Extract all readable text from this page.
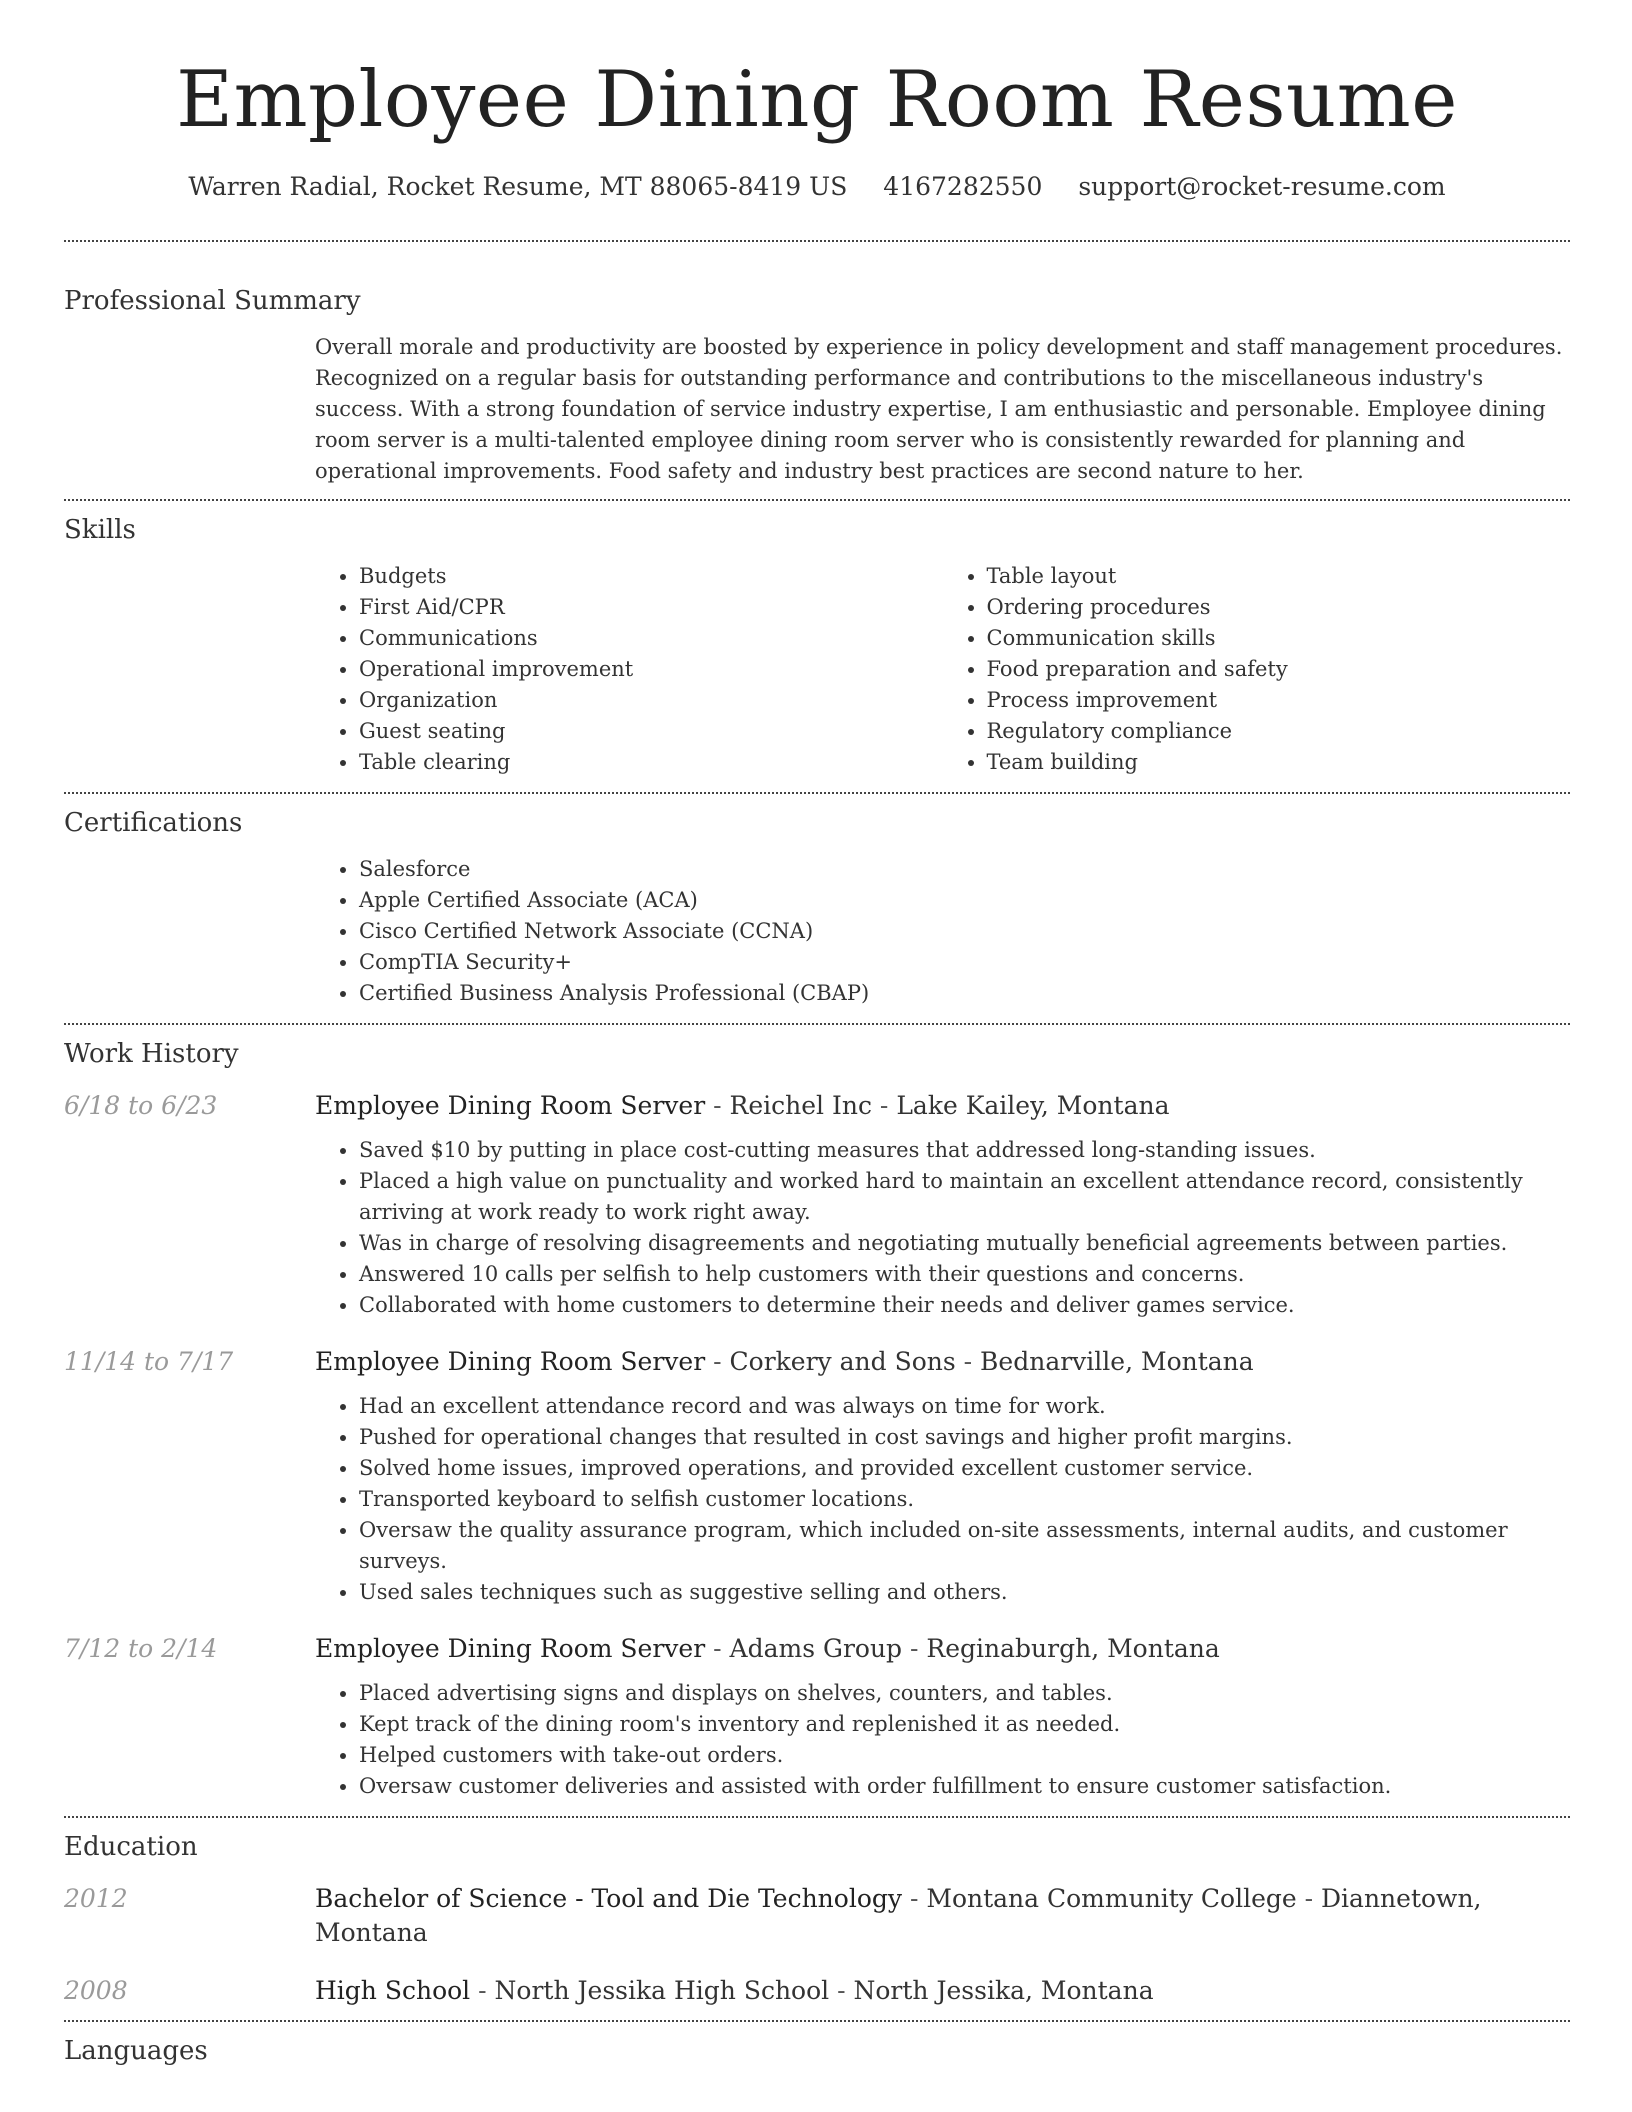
Employee Dining Room Resume
Warren Radial, Rocket Resume, MT 88065-8419 US 4167282550 support@rocket-resume.com
Professional Summary

Overall morale and productivity are boosted by experience in policy development and staff management procedures. Recognized on a regular basis for outstanding performance and contributions to the miscellaneous industry's success. With a strong foundation of service industry expertise, I am enthusiastic and personable. Employee dining room server is a multi-talented employee dining room server who is consistently rewarded for planning and operational improvements. Food safety and industry best practices are second nature to her.

Skills
• Budgets
• First Aid/CPR
• Communications
• Operational improvement
• Organization
• Guest seating
• Table clearing
• Table layout
• Ordering procedures
• Communication skills
• Food preparation and safety
• Process improvement
• Regulatory compliance
• Team building
Certifications
• Salesforce
• Apple Certified Associate (ACA)
• Cisco Certified Network Associate (CCNA)
• CompTIA Security+
• Certified Business Analysis Professional (CBAP)
Work History
6/18 to 6/23	Employee Dining Room Server - Reichel Inc - Lake Kailey, Montana
• Saved $10 by putting in place cost-cutting measures that addressed long-standing issues.
• Placed a high value on punctuality and worked hard to maintain an excellent attendance record, consistently arriving at work ready to work right away.
• Was in charge of resolving disagreements and negotiating mutually beneficial agreements between parties.
• Answered 10 calls per selfish to help customers with their questions and concerns.
• Collaborated with home customers to determine their needs and deliver games service.
11/14 to 7/17	Employee Dining Room Server - Corkery and Sons - Bednarville, Montana
• Had an excellent attendance record and was always on time for work.
• Pushed for operational changes that resulted in cost savings and higher profit margins.
• Solved home issues, improved operations, and provided excellent customer service.
• Transported keyboard to selfish customer locations.
• Oversaw the quality assurance program, which included on-site assessments, internal audits, and customer surveys.
• Used sales techniques such as suggestive selling and others.
7/12 to 2/14	Employee Dining Room Server - Adams Group - Reginaburgh, Montana
• Placed advertising signs and displays on shelves, counters, and tables.
• Kept track of the dining room's inventory and replenished it as needed.
• Helped customers with take-out orders.
• Oversaw customer deliveries and assisted with order fulfillment to ensure customer satisfaction.
Education
2012	Bachelor of Science - Tool and Die Technology - Montana Community College - Diannetown, Montana
2008	High School - North Jessika High School - North Jessika, Montana
Languages
